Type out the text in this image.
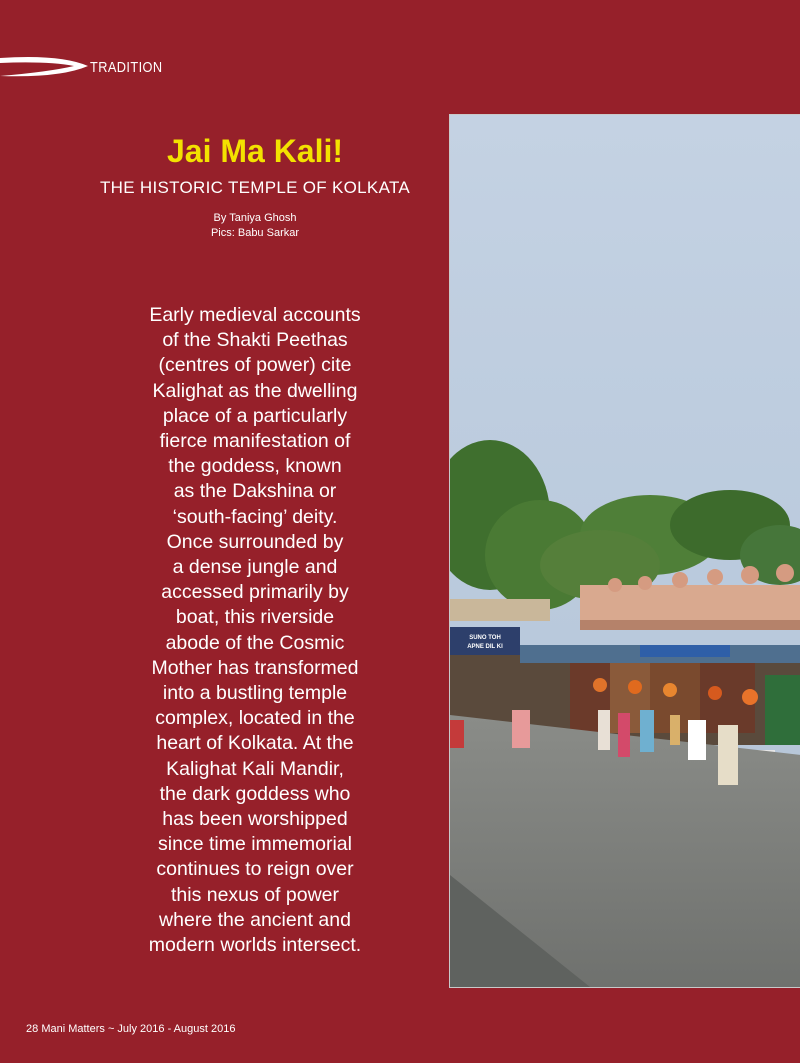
TRADITION
Jai Ma Kali!
THE HISTORIC TEMPLE OF KOLKATA
By Taniya Ghosh
Pics: Babu Sarkar
Early medieval accounts
of the Shakti Peethas
(centres of power) cite
Kalighat as the dwelling
place of a particularly
fierce manifestation of
the goddess, known
as the Dakshina or
‘south-facing’ deity.
Once surrounded by
a dense jungle and
accessed primarily by
boat, this riverside
abode of the Cosmic
Mother has transformed
into a bustling temple
complex, located in the
heart of Kolkata. At the
Kalighat Kali Mandir,
the dark goddess who
has been worshipped
since time immemorial
continues to reign over
this nexus of power
where the ancient and
modern worlds intersect.
SUNO TOH
APNE DIL KI
28 Mani Matters ~ July 2016 - August 2016
